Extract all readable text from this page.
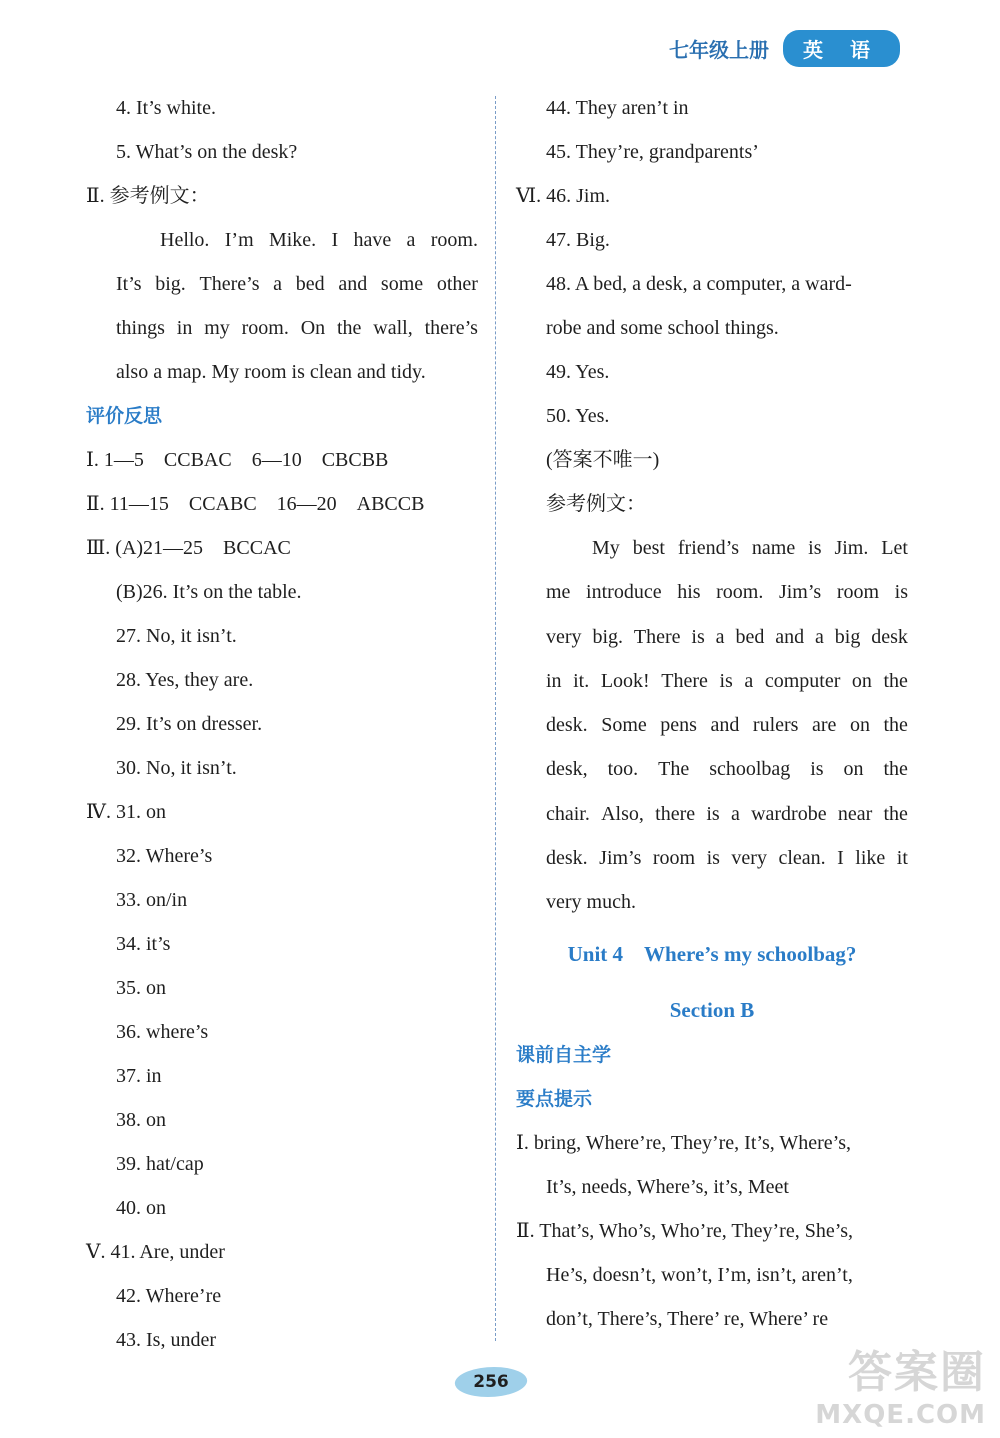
七年级上册	英 语
4. It’s white.
5. What’s on the desk?
Ⅱ. 参考例文：
Hello. I’m Mike. I have a room.
It’s big. There’s a bed and some other
things in my room. On the wall, there’s
also a map. My room is clean and tidy.
评价反思
Ⅰ. 1—5　CCBAC　6—10　CBCBB
Ⅱ. 11—15　CCABC　16—20　ABCCB
Ⅲ. (A)21—25　BCCAC
(B)26. It’s on the table.
27. No, it isn’t.
28. Yes, they are.
29. It’s on dresser.
30. No, it isn’t.
Ⅳ. 31. on
32. Where’s
33. on/in
34. it’s
35. on
36. where’s
37. in
38. on
39. hat/cap
40. on
Ⅴ. 41. Are, under
42. Where’re
43. Is, under
44. They aren’t in
45. They’re, grandparents’
Ⅵ. 46. Jim.
47. Big.
48. A bed, a desk, a computer, a ward-
robe and some school things.
49. Yes.
50. Yes.
(答案不唯一)
参考例文：
My best friend’s name is Jim. Let
me introduce his room. Jim’s room is
very big. There is a bed and a big desk
in it. Look! There is a computer on the
desk. Some pens and rulers are on the
desk, too. The schoolbag is on the
chair. Also, there is a wardrobe near the
desk. Jim’s room is very clean. I like it
very much.
Unit 4　Where’s my schoolbag?
Section B
课前自主学
要点提示
Ⅰ. bring, Where’re, They’re, It’s, Where’s,
It’s, needs, Where’s, it’s, Meet
Ⅱ. That’s, Who’s, Who’re, They’re, She’s,
He’s, doesn’t, won’t, I’m, isn’t, aren’t,
don’t, There’s, There’ re, Where’ re
256	答案圈
MXQE.COM
